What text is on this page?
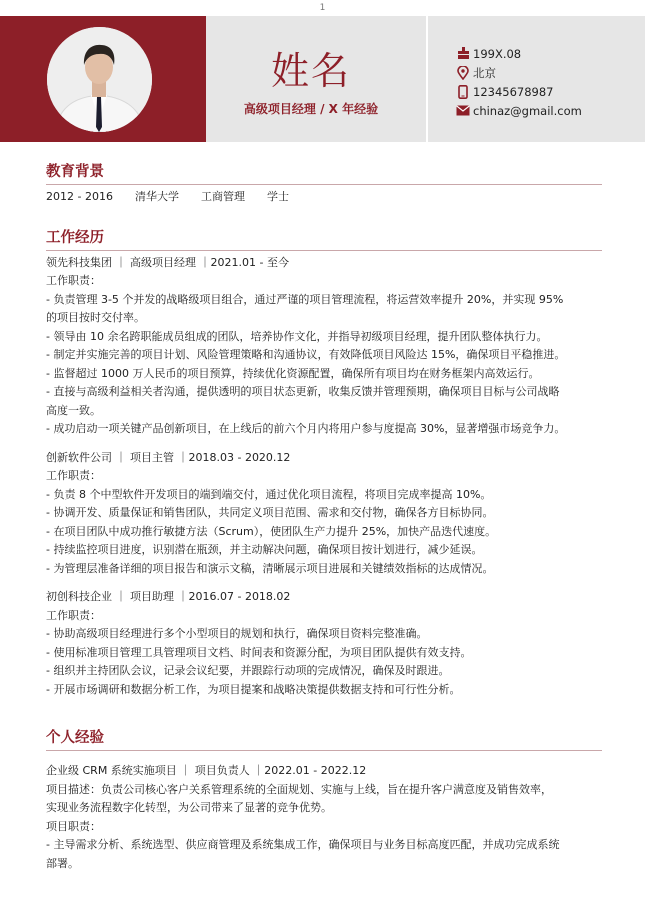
1
姓名
高级项目经理 / X 年经验
199X.08
北京
12345678987
chinaz@gmail.com
教育背景
2012 - 2016 清华大学 工商管理 学士
工作经历
领先科技集团 ｜ 高级项目经理 ｜2021.01 - 至今
工作职责：
- 负责管理 3-5 个并发的战略级项目组合，通过严谨的项目管理流程，将运营效率提升 20%，并实现 95%
的项目按时交付率。
- 领导由 10 余名跨职能成员组成的团队，培养协作文化，并指导初级项目经理，提升团队整体执行力。
- 制定并实施完善的项目计划、风险管理策略和沟通协议，有效降低项目风险达 15%，确保项目平稳推进。
- 监督超过 1000 万人民币的项目预算，持续优化资源配置，确保所有项目均在财务框架内高效运行。
- 直接与高级利益相关者沟通，提供透明的项目状态更新，收集反馈并管理预期，确保项目目标与公司战略
高度一致。
- 成功启动一项关键产品创新项目，在上线后的前六个月内将用户参与度提高 30%，显著增强市场竞争力。
创新软件公司 ｜ 项目主管 ｜2018.03 - 2020.12
工作职责：
- 负责 8 个中型软件开发项目的端到端交付，通过优化项目流程，将项目完成率提高 10%。
- 协调开发、质量保证和销售团队，共同定义项目范围、需求和交付物，确保各方目标协同。
- 在项目团队中成功推行敏捷方法（Scrum），使团队生产力提升 25%，加快产品迭代速度。
- 持续监控项目进度，识别潜在瓶颈，并主动解决问题，确保项目按计划进行，减少延误。
- 为管理层准备详细的项目报告和演示文稿，清晰展示项目进展和关键绩效指标的达成情况。
初创科技企业 ｜ 项目助理 ｜2016.07 - 2018.02
工作职责：
- 协助高级项目经理进行多个小型项目的规划和执行，确保项目资料完整准确。
- 使用标准项目管理工具管理项目文档、时间表和资源分配，为项目团队提供有效支持。
- 组织并主持团队会议，记录会议纪要，并跟踪行动项的完成情况，确保及时跟进。
- 开展市场调研和数据分析工作，为项目提案和战略决策提供数据支持和可行性分析。
个人经验
企业级 CRM 系统实施项目 ｜ 项目负责人 ｜2022.01 - 2022.12
项目描述：负责公司核心客户关系管理系统的全面规划、实施与上线，旨在提升客户满意度及销售效率，
实现业务流程数字化转型，为公司带来了显著的竞争优势。
项目职责：
- 主导需求分析、系统选型、供应商管理及系统集成工作，确保项目与业务目标高度匹配，并成功完成系统
部署。
